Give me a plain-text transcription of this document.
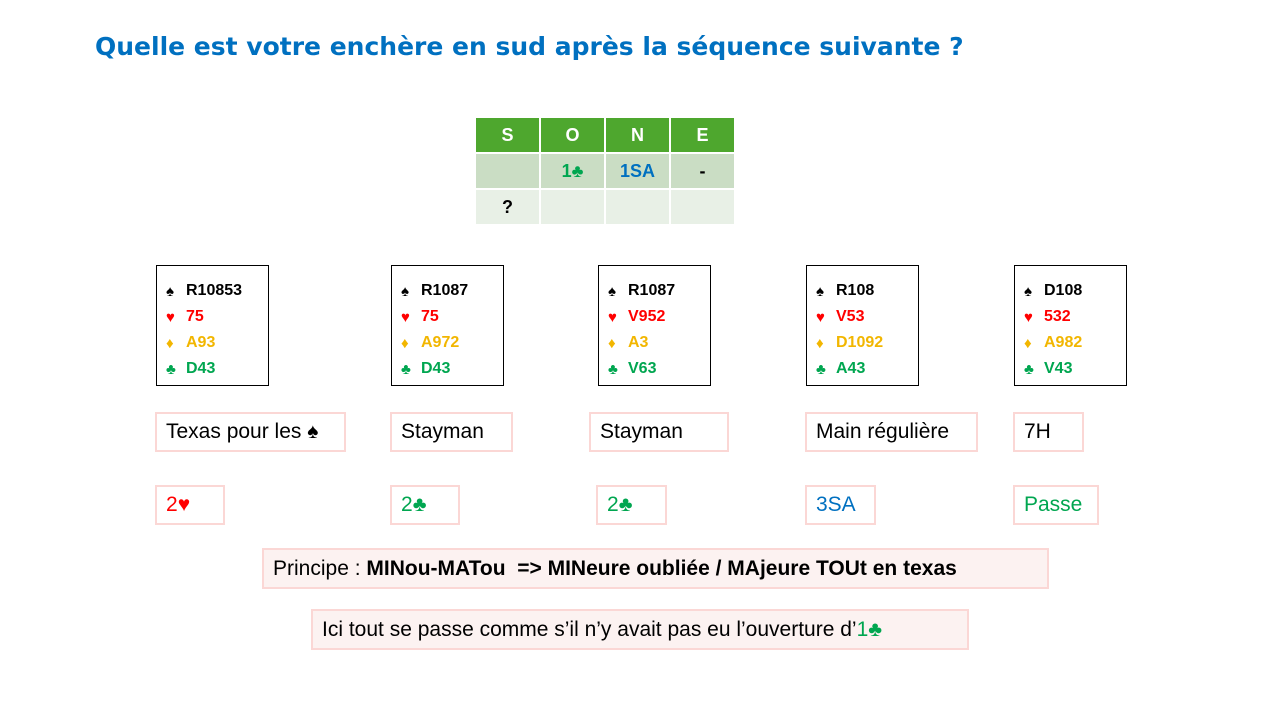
Quelle est votre enchère en sud après la séquence suivante ?
S	O	N	E
	1♣	1SA	-
?			
♠ R10853
♥ 75
♦ A93
♣ D43
♠ R1087
♥ 75
♦ A972
♣ D43
♠ R1087
♥ V952
♦ A3
♣ V63
♠ R108
♥ V53
♦ D1092
♣ A43
♠ D108
♥ 532
♦ A982
♣ V43
Texas pour les ♠	Stayman	Stayman	Main régulière	7H
2 ♥	2 ♣	2 ♣	3SA	Passe
Principe : MINou-MATou => MINeure oubliée / MAjeure TOUt en texas
Ici tout se passe comme s’il n’y avait pas eu l’ouverture d’ 1 ♣
